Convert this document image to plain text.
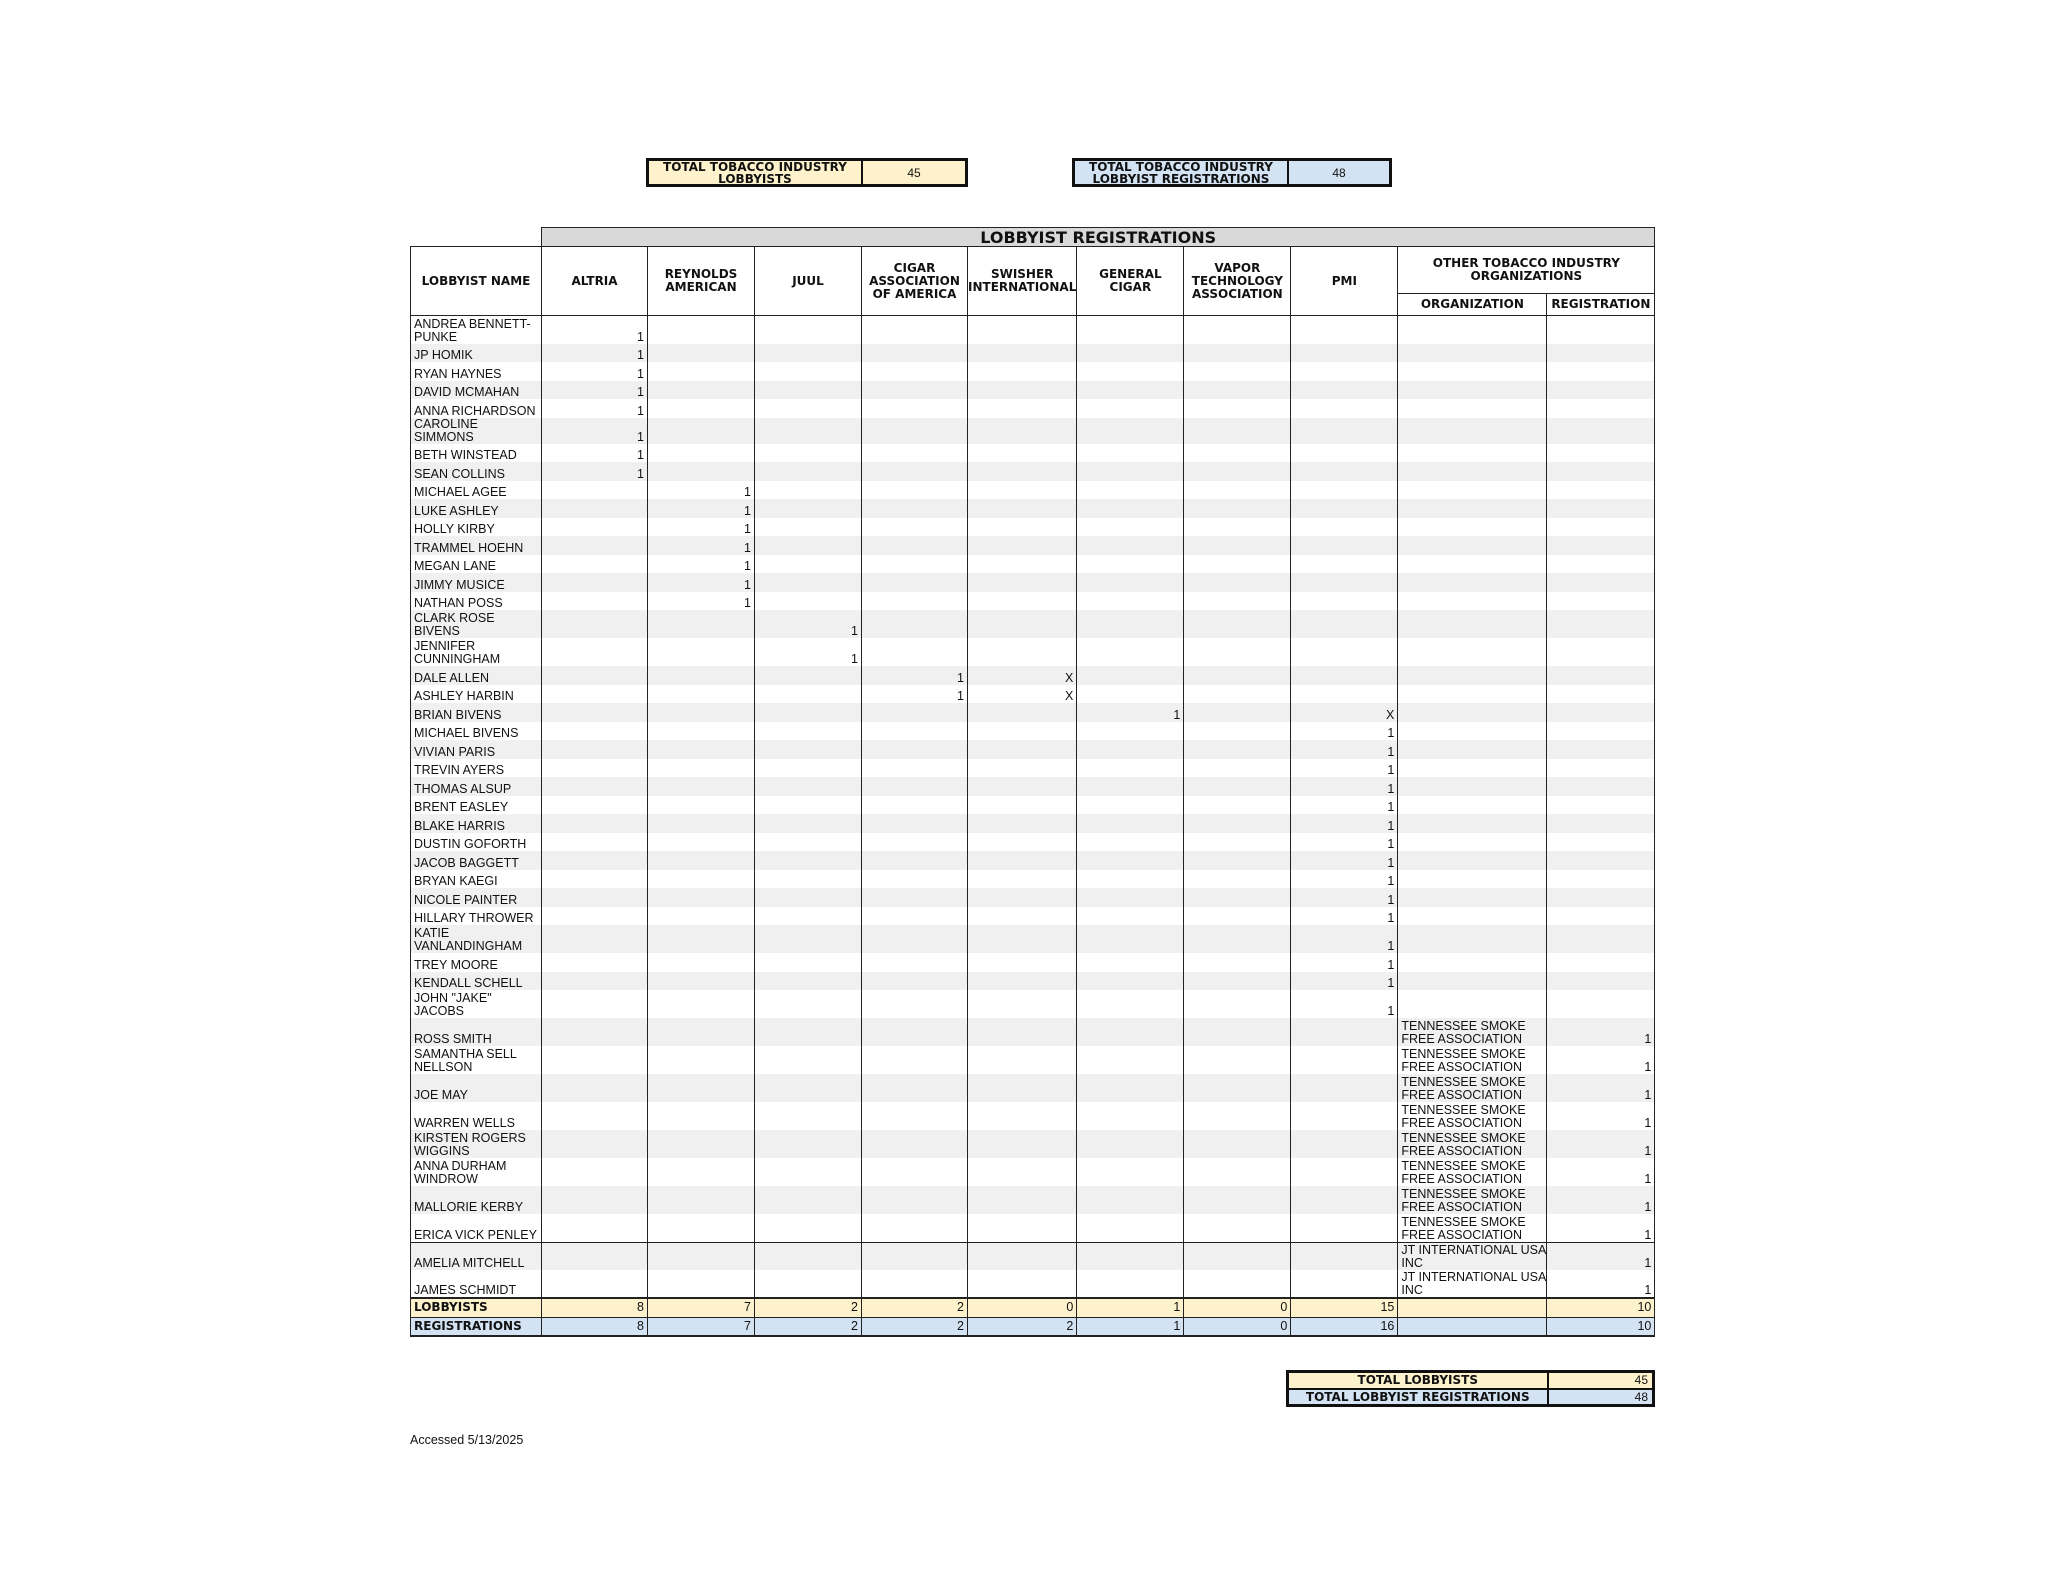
TOTAL TOBACCO INDUSTRY
LOBBYISTS	45	TOTAL TOBACCO INDUSTRY
LOBBYIST REGISTRATIONS	48
	LOBBYIST REGISTRATIONS									
LOBBYIST NAME	ALTRIA	REYNOLDS
AMERICAN	JUUL	CIGAR
ASSOCIATION
OF AMERICA	SWISHER
INTERNATIONAL	GENERAL
CIGAR	VAPOR
TECHNOLOGY
ASSOCIATION	PMI	OTHER TOBACCO INDUSTRY
ORGANIZATIONS	
									ORGANIZATION	REGISTRATION
ANDREA BENNETT-
PUNKE	1									
JP HOMIK	1									
RYAN HAYNES	1									
DAVID MCMAHAN	1									
ANNA RICHARDSON	1									
CAROLINE SIMMONS	1									
BETH WINSTEAD	1									
SEAN COLLINS	1									
MICHAEL AGEE		1								
LUKE ASHLEY		1								
HOLLY KIRBY		1								
TRAMMEL HOEHN		1								
MEGAN LANE		1								
JIMMY MUSICE		1								
NATHAN POSS		1								
CLARK ROSE
BIVENS			1							
JENNIFER
CUNNINGHAM			1							
DALE ALLEN				1	X					
ASHLEY HARBIN				1	X					
BRIAN BIVENS						1		X		
MICHAEL BIVENS								1		
VIVIAN PARIS								1		
TREVIN AYERS								1		
THOMAS ALSUP								1		
BRENT EASLEY								1		
BLAKE HARRIS								1		
DUSTIN GOFORTH								1		
JACOB BAGGETT								1		
BRYAN KAEGI								1		
NICOLE PAINTER								1		
HILLARY THROWER								1		
KATIE
VANLANDINGHAM								1		
TREY MOORE								1		
KENDALL SCHELL								1		
JOHN "JAKE"
JACOBS								1		
ROSS SMITH									TENNESSEE SMOKE
FREE ASSOCIATION	1
SAMANTHA SELL
NELLSON									TENNESSEE SMOKE
FREE ASSOCIATION	1
JOE MAY									TENNESSEE SMOKE
FREE ASSOCIATION	1
WARREN WELLS									TENNESSEE SMOKE
FREE ASSOCIATION	1
KIRSTEN ROGERS
WIGGINS									TENNESSEE SMOKE
FREE ASSOCIATION	1
ANNA DURHAM
WINDROW									TENNESSEE SMOKE
FREE ASSOCIATION	1
MALLORIE KERBY									TENNESSEE SMOKE
FREE ASSOCIATION	1
ERICA VICK PENLEY									TENNESSEE SMOKE
FREE ASSOCIATION	1
AMELIA MITCHELL									JT INTERNATIONAL USA
INC	1
JAMES SCHMIDT									JT INTERNATIONAL USA
INC	1
LOBBYISTS	8	7	2	2	0	1	0	15		10
REGISTRATIONS	8	7	2	2	2	1	0	16		10
TOTAL LOBBYISTS	45
TOTAL LOBBYIST REGISTRATIONS	48
Accessed 5/13/2025
